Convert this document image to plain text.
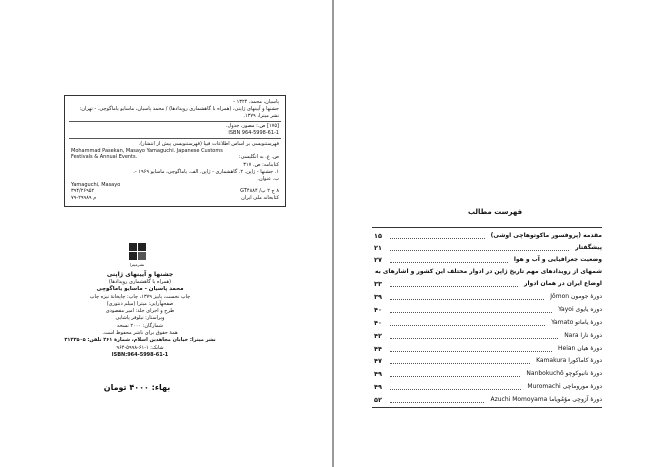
پاسیان، محمد، ۱۳۲۴ -
جشنها و آیینهای ژاپنی، (همراه با گاهشماری رویدادها) / محمد پاسیان، ماسایو یاماگوچی. - تهران:
نشر میترا، ۱۳۷۹.
[۱۷۵] ص.: مصور، جدول.
ISBN 964-5998-61-1
فهرستنویسی بر اساس اطلاعات فیپا (فهرستنویسی پیش از انتشار).
Mohammad Pasekan, Masayo Yamaguchi. Japanese Customs
ص. ع. به انگلیسی:
Festivals & Annual Events.
کتابنامه: ص. ۳۱۷
۱. جشنها - ژاپن. ۲. گاهشماری - ژاپن. الف. یاماگوچی، ماسایو ۱۹۶۹ -.
ب. عنوان.
Yamaguchi, Masayo
۸ ج ۲ پ/ GT۴۸۸۴
۳۹۴/۲۶۹۵۲
کتابخانه ملی ایران
م ۲۹۹۸۹-۷۹
نشرمیترا
جشنها و آیینهای ژاپنی
(همراه با گاهشماری رویدادها)
محمد پاسیان - ماسایو یاماگوچی
چاپ نخست، پاییز ۱۳۷۹، چاپ: چاپخانهٔ نیزه چاپ
صفحهآرایی: میترا (میلم دنتوری)
طرح و اجرای جلد: امیر مقصودی
ویراستار: نیلوفر پاشایی
شمارگان: ۲۰۰۰ نسخه
همهٔ حقوق برای ناشر محفوظ است.
نشر میترا: خیابان مجاهدین اسلام، شمارهٔ ۲۶۱ تلفن: ۳۱۲۳۵۰۵
شابک: ۱-۶۱-۵۹۹۸-۹۶۴
ISBN:964-5998-61-1
بهاء: ۴۰۰۰ تومان
فهرست مطالب
مقدمه (پروفسور ماکوتوهاچی اوشی)
۱۵
پیشگفتار
۲۱
وضعیت جغرافیایی و آب و هوا
۲۷
شمهای از رویدادهای مهم تاریخ ژاپن در ادوار مختلف این کشور و اشارهای به
اوضاع ایران در همان ادوار
۳۳
دورهٔ جومون Jōmon
۳۹
دوره یایوی Yayoi
۴۰
دورهٔ یاماتو Yamato
۴۰
دورهٔ نارا Nara
۴۲
دورهٔ هیان Heian
۴۴
دورهٔ کاماکورا Kamakura
۴۷
دورهٔ نانبوکوچو Nanbokuchō
۴۹
دورهٔ موروماچی Muromachi
۴۹
دورهٔ آزوچی موُمُویاما Azuchi Momoyama
۵۲
